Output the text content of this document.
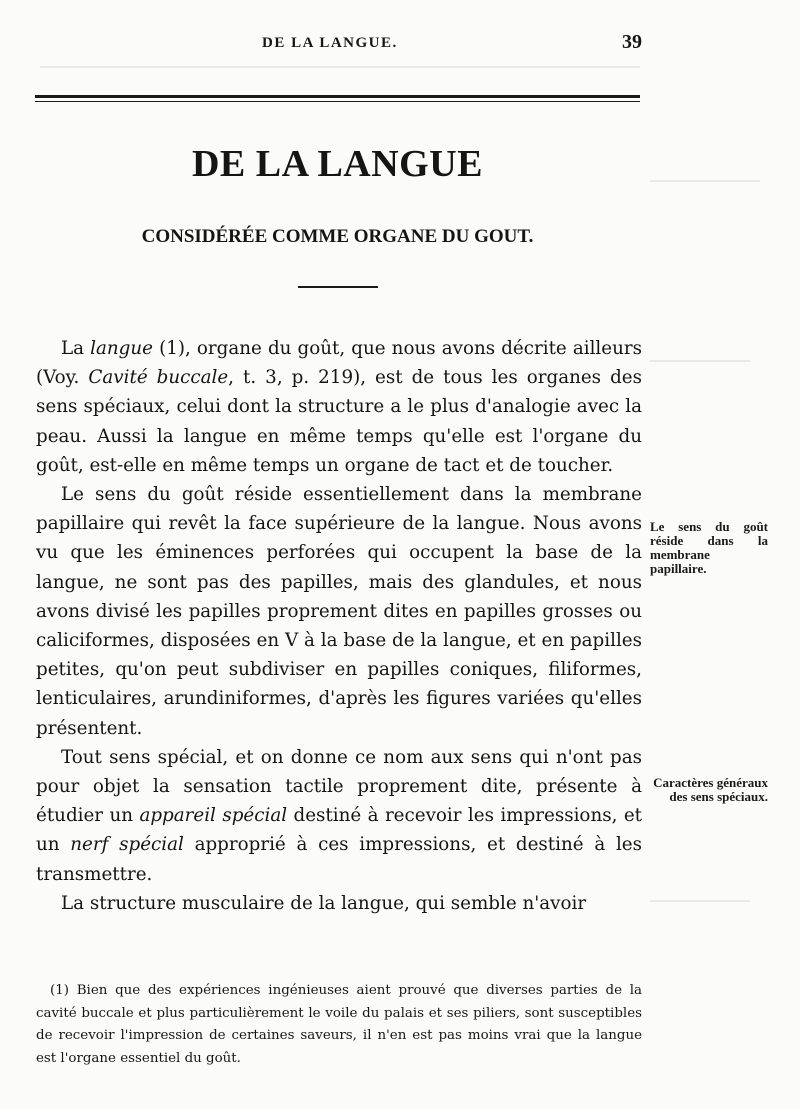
DE LA LANGUE.	39
DE LA LANGUE
CONSIDÉRÉE COMME ORGANE DU GOUT.

La langue (1), organe du goût, que nous avons décrite ailleurs (Voy. Cavité buccale, t. 3, p. 219), est de tous les organes des sens spéciaux, celui dont la structure a le plus d'analogie avec la peau. Aussi la langue en même temps qu'elle est l'organe du goût, est-elle en même temps un organe de tact et de toucher.

Le sens du goût réside essentiellement dans la membrane papillaire qui revêt la face supérieure de la langue. Nous avons vu que les éminences perforées qui occupent la base de la langue, ne sont pas des papilles, mais des glandules, et nous avons divisé les papilles proprement dites en papilles grosses ou caliciformes, disposées en V à la base de la langue, et en papilles petites, qu'on peut subdiviser en papilles coniques, filiformes, lenticulaires, arundiniformes, d'après les figures variées qu'elles présentent.

Tout sens spécial, et on donne ce nom aux sens qui n'ont pas pour objet la sensation tactile proprement dite, présente à étudier un appareil spécial destiné à recevoir les impressions, et un nerf spécial approprié à ces impressions, et destiné à les transmettre.

La structure musculaire de la langue, qui semble n'avoir

Le sens du goût réside dans la membrane papillaire.
Caractères généraux des sens spéciaux.

(1) Bien que des expériences ingénieuses aient prouvé que diverses parties de la cavité buccale et plus particulièrement le voile du palais et ses piliers, sont susceptibles de recevoir l'impression de certaines saveurs, il n'en est pas moins vrai que la langue est l'organe essentiel du goût.
